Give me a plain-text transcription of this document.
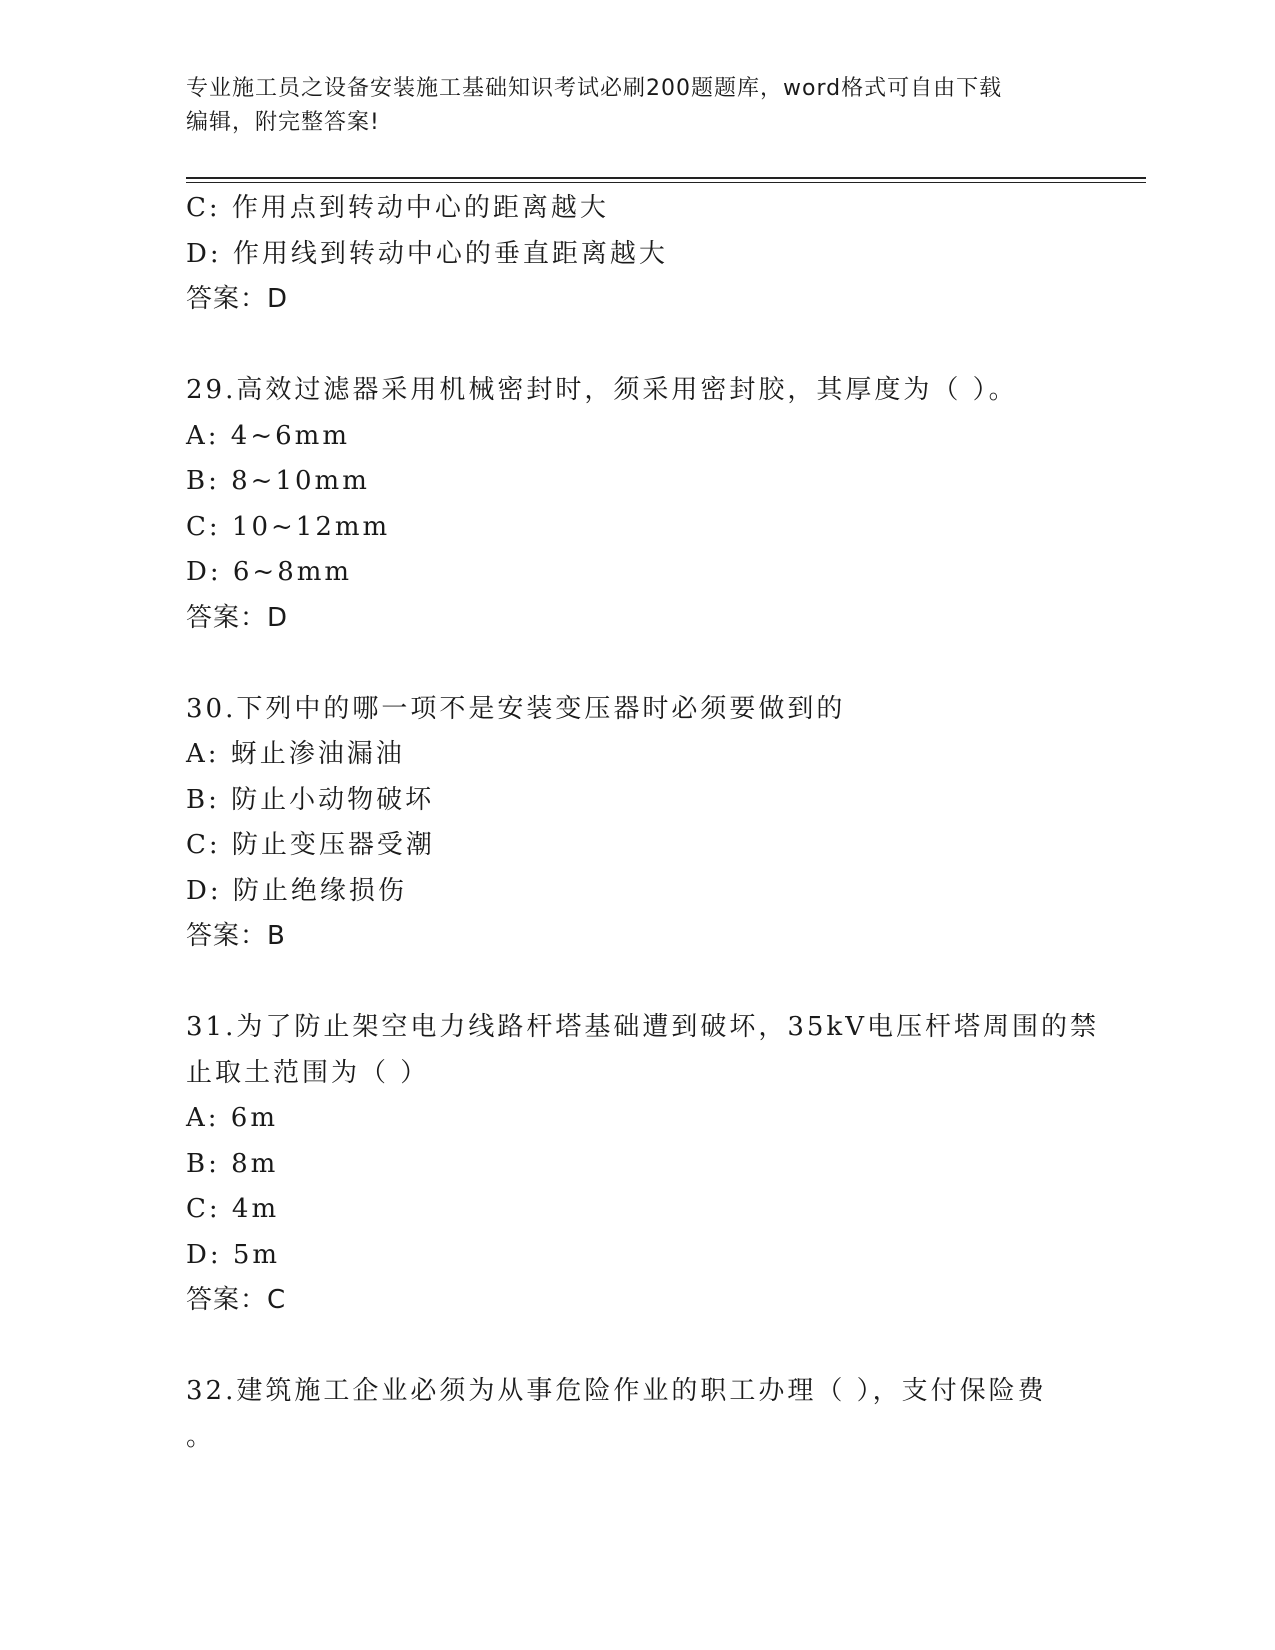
专业施工员之设备安装施工基础知识考试必刷200题题库，word格式可自由下载
编辑，附完整答案!
C: 作用点到转动中心的距离越大
D: 作用线到转动中心的垂直距离越大
答案：D
29.高效过滤器采用机械密封时，须采用密封胶，其厚度为（ ）。
A: 4~6mm
B: 8~10mm
C: 10~12mm
D: 6~8mm
答案：D
30.下列中的哪一项不是安装变压器时必须要做到的
A: 蚜止渗油漏油
B: 防止小动物破坏
C: 防止变压器受潮
D: 防止绝缘损伤
答案：B
31.为了防止架空电力线路杆塔基础遭到破坏，35kV电压杆塔周围的禁
止取土范围为（ ）
A: 6m
B: 8m
C: 4m
D: 5m
答案：C
32.建筑施工企业必须为从事危险作业的职工办理（ ），支付保险费
。
